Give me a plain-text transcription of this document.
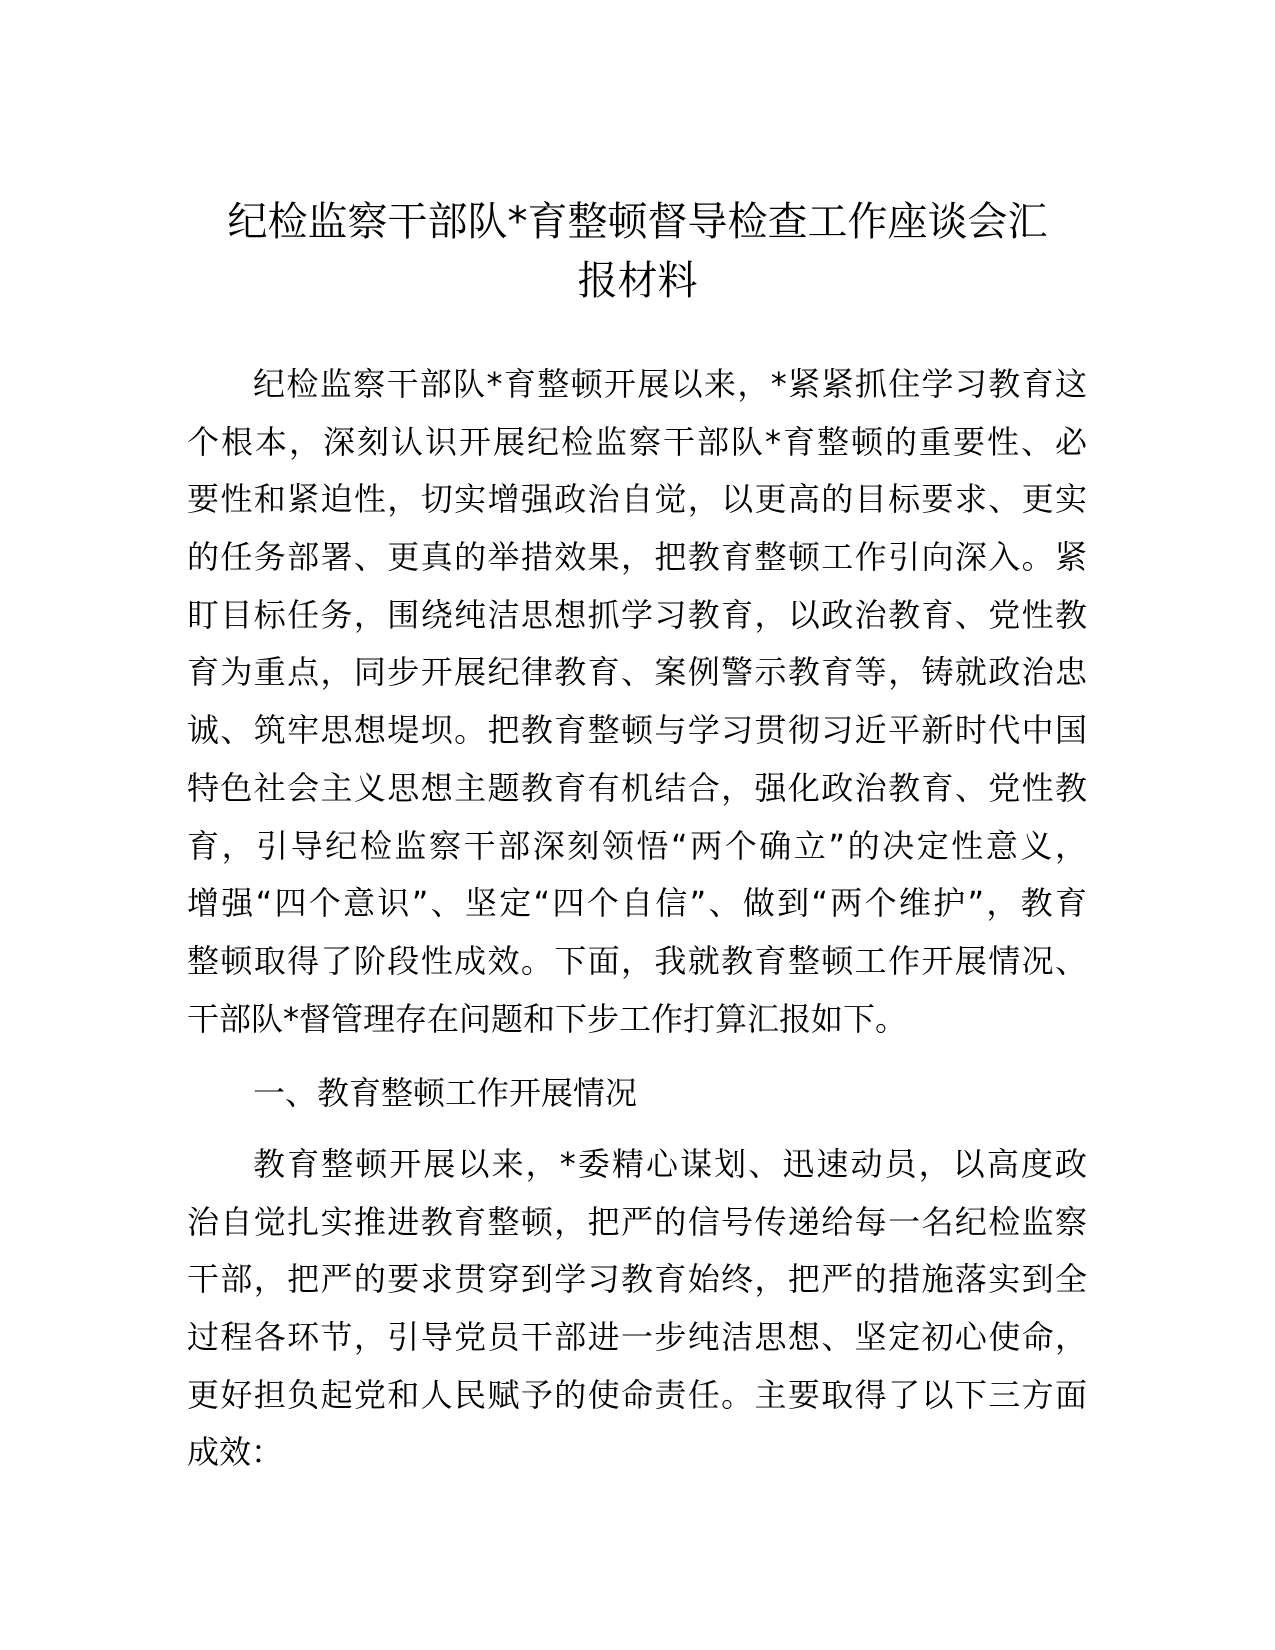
纪检监察干部队*育整顿督导检查工作座谈会汇
报材料
纪检监察干部队*育整顿开展以来，*紧紧抓住学习教育这
个根本，深刻认识开展纪检监察干部队*育整顿的重要性、必
要性和紧迫性，切实增强政治自觉，以更高的目标要求、更实
的任务部署、更真的举措效果，把教育整顿工作引向深入。紧
盯目标任务，围绕纯洁思想抓学习教育，以政治教育、党性教
育为重点，同步开展纪律教育、案例警示教育等，铸就政治忠
诚、筑牢思想堤坝。把教育整顿与学习贯彻习近平新时代中国
特色社会主义思想主题教育有机结合，强化政治教育、党性教
育，引导纪检监察干部深刻领悟“两个确立”的决定性意义，
增强“四个意识”、坚定“四个自信”、做到“两个维护”，教育
整顿取得了阶段性成效。下面，我就教育整顿工作开展情况、
干部队*督管理存在问题和下步工作打算汇报如下。
一、教育整顿工作开展情况
教育整顿开展以来，*委精心谋划、迅速动员，以高度政
治自觉扎实推进教育整顿，把严的信号传递给每一名纪检监察
干部，把严的要求贯穿到学习教育始终，把严的措施落实到全
过程各环节，引导党员干部进一步纯洁思想、坚定初心使命，
更好担负起党和人民赋予的使命责任。主要取得了以下三方面
成效：
